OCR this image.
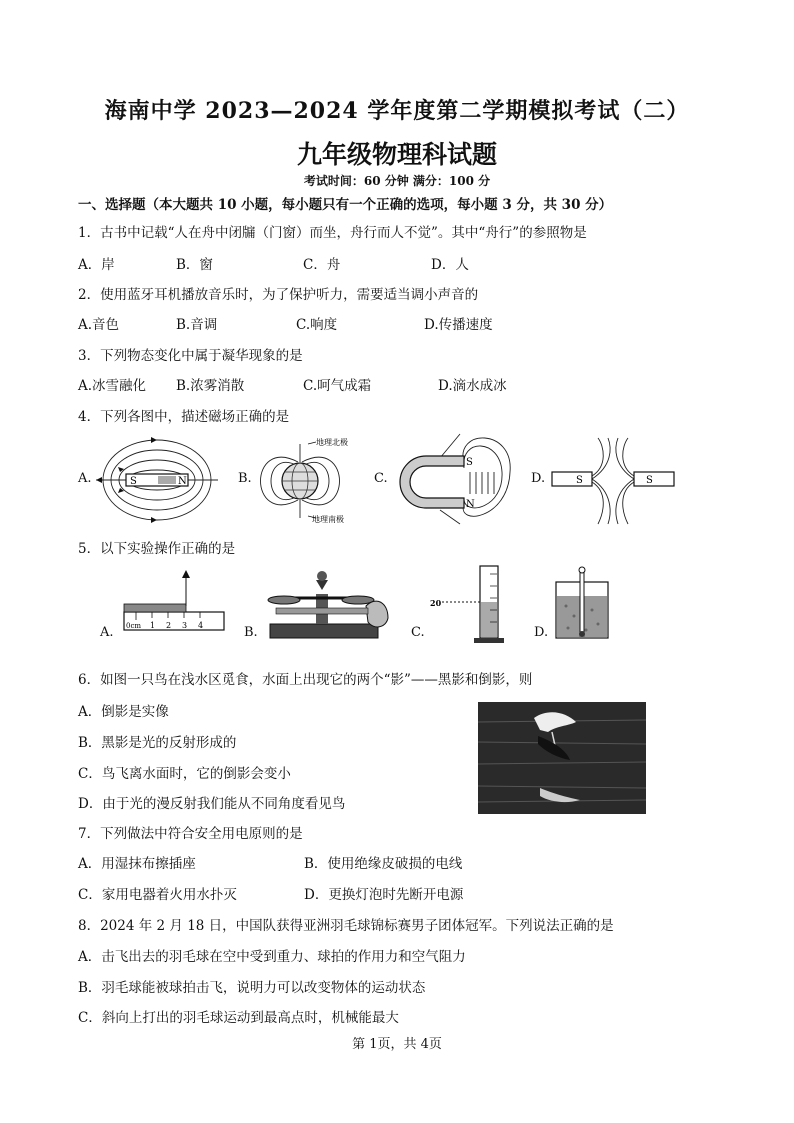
海南中学 2023—2024 学年度第二学期模拟考试（二）
九年级物理科试题
考试时间：60 分钟 满分：100 分
一、选择题（本大题共 10 小题，每小题只有一个正确的选项，每小题 3 分，共 30 分）
1．古书中记载“人在舟中闭牖（门窗）而坐，舟行而人不觉”。其中“舟行”的参照物是
A．岸	B．窗	C．舟	D．人
2．使用蓝牙耳机播放音乐时，为了保护听力，需要适当调小声音的
A.音色	B.音调	C.响度	D.传播速度
3．下列物态变化中属于凝华现象的是
A.冰雪融化 B.浓雾消散	C.呵气成霜	D.滴水成冰
4．下列各图中，描述磁场正确的是
A.	B.	C.	D.
S	N
地理北极
地理南极
S
N
S	S
5．以下实验操作正确的是
A.	B.	C.	D.
0cm 1 2 3 4
20
6．如图一只鸟在浅水区觅食，水面上出现它的两个“影”——黑影和倒影，则
A．倒影是实像
B．黑影是光的反射形成的
C．鸟飞离水面时，它的倒影会变小
D．由于光的漫反射我们能从不同角度看见鸟
7．下列做法中符合安全用电原则的是
A．用湿抹布擦插座	B．使用绝缘皮破损的电线
C．家用电器着火用水扑灭	D．更换灯泡时先断开电源
8．2024 年 2 月 18 日，中国队获得亚洲羽毛球锦标赛男子团体冠军。下列说法正确的是
A．击飞出去的羽毛球在空中受到重力、球拍的作用力和空气阻力
B．羽毛球能被球拍击飞，说明力可以改变物体的运动状态
C．斜向上打出的羽毛球运动到最高点时，机械能最大
第 1页，共 4页
